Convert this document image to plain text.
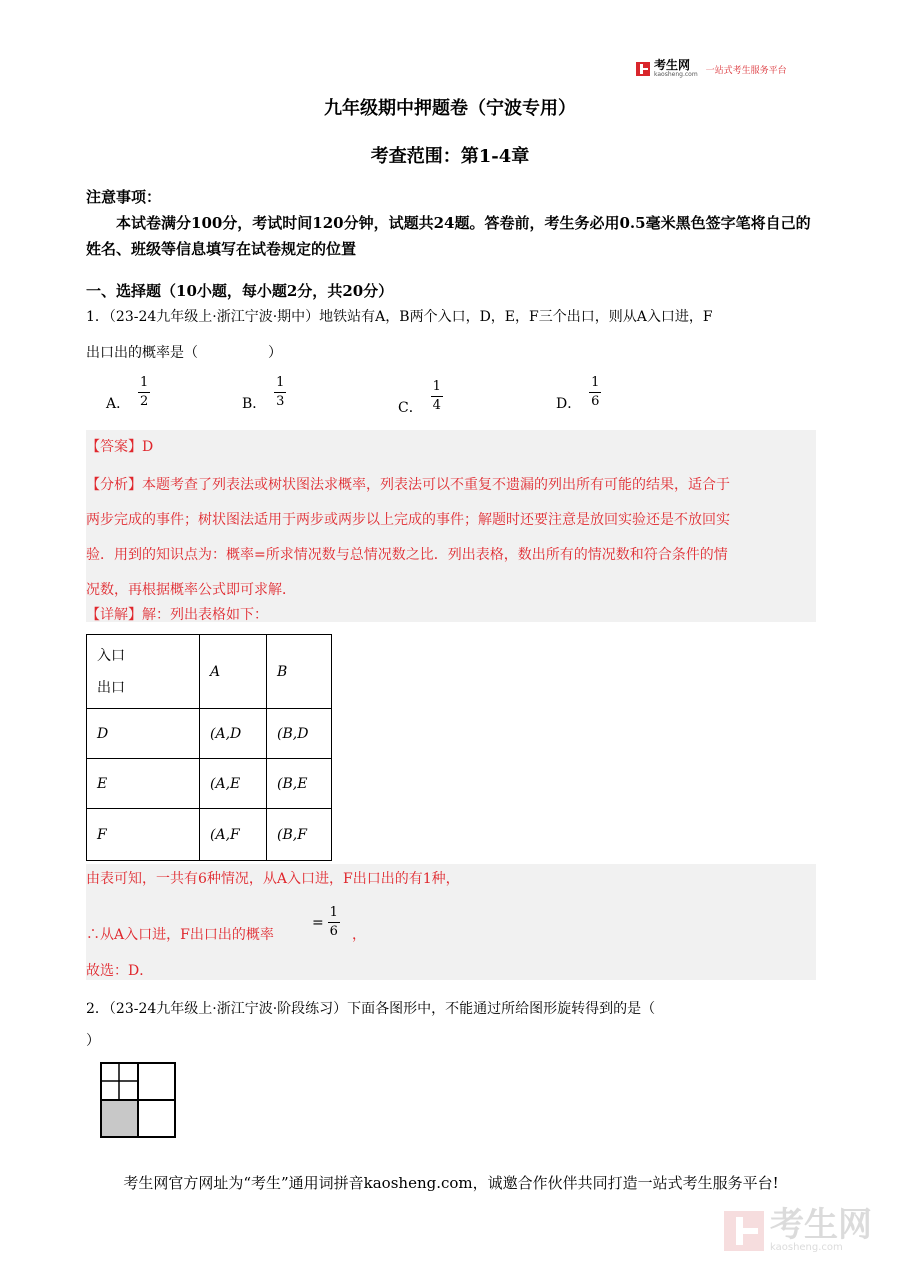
考生网
kaosheng.com 一站式考生服务平台
九年级期中押题卷（宁波专用）
考查范围：第1-4章
注意事项：
本试卷满分100分，考试时间120分钟，试题共24题。答卷前，考生务必用0.5毫米黑色签字笔将自己的姓名、班级等信息填写在试卷规定的位置
一、选择题（10小题，每小题2分，共20分）
1．（23-24九年级上·浙江宁波·期中）地铁站有A，B两个入口，D，E，F三个出口，则从A入口进，F
出口出的概率是（　　　　　）
A． $\frac{1}{2}$	B． $\frac{1}{3}$	C． $\frac{1}{4}$	D． $\frac{1}{6}$
【答案】D
【分析】本题考查了列表法或树状图法求概率，列表法可以不重复不遗漏的列出所有可能的结果，适合于
两步完成的事件；树状图法适用于两步或两步以上完成的事件；解题时还要注意是放回实验还是不放回实
验．用到的知识点为：概率=所求情况数与总情况数之比．列出表格，数出所有的情况数和符合条件的情
况数，再根据概率公式即可求解．
【详解】解：列出表格如下：
入口
出口	A	B
D	(A,D	(B,D
E	(A,E	(B,E
F	(A,F	(B,F
由表可知，一共有6种情况，从A入口进，F出口出的有1种，
∴从A入口进，F出口出的概率
= $\frac{1}{6}$ ，
故选：D．
2．（23-24九年级上·浙江宁波·阶段练习）下面各图形中，不能通过所给图形旋转得到的是（
）
考生网官方网址为“考生”通用词拼音kaosheng.com，诚邀合作伙伴共同打造一站式考生服务平台!
考生网
kaosheng.com
